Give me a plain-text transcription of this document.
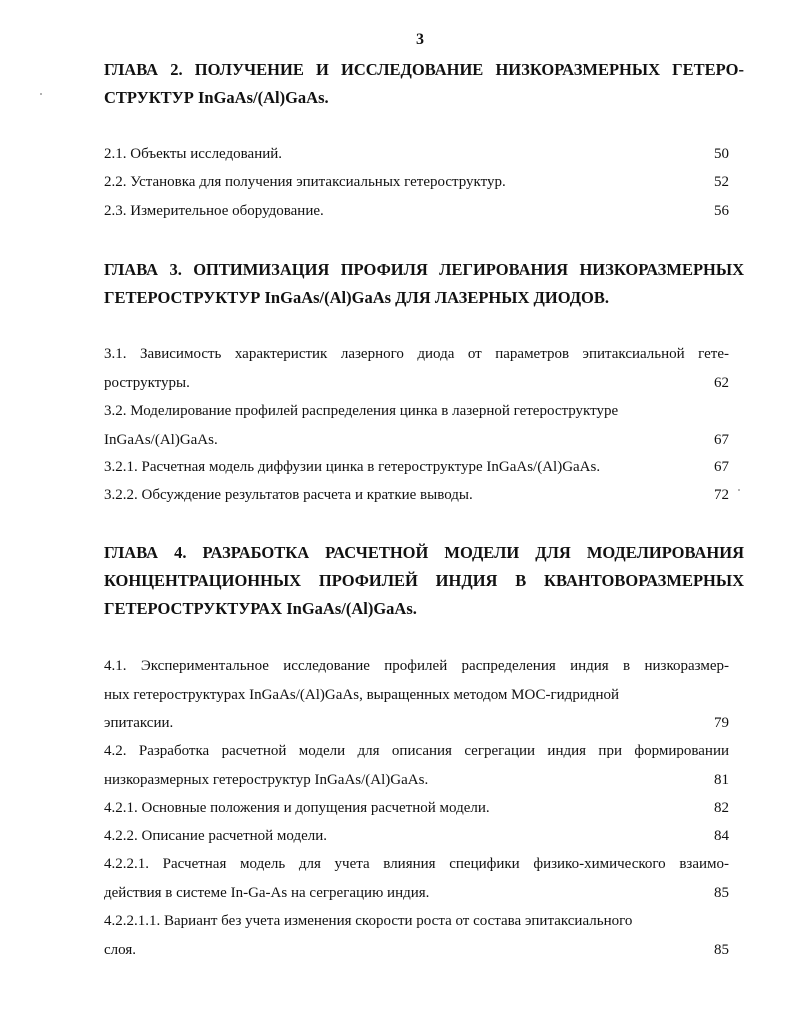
3
ГЛАВА 2. ПОЛУЧЕНИЕ И ИССЛЕДОВАНИЕ НИЗКОРАЗМЕРНЫХ ГЕТЕРО-СТРУКТУР InGaAs/(Al)GaAs.
2.1. Объекты исследований.	50
2.2. Установка для получения эпитаксиальных гетероструктур.	52
2.3. Измерительное оборудование.	56
ГЛАВА 3. ОПТИМИЗАЦИЯ ПРОФИЛЯ ЛЕГИРОВАНИЯ НИЗКОРАЗМЕРНЫХ ГЕТЕРОСТРУКТУР InGaAs/(Al)GaAs ДЛЯ ЛАЗЕРНЫХ ДИОДОВ.
3.1. Зависимость характеристик лазерного диода от параметров эпитаксиальной гете-
роструктуры.	62
3.2. Моделирование профилей распределения цинка в лазерной гетероструктуре
InGaAs/(Al)GaAs.	67
3.2.1. Расчетная модель диффузии цинка в гетероструктуре InGaAs/(Al)GaAs.	67
3.2.2. Обсуждение результатов расчета и краткие выводы.	72
ГЛАВА 4. РАЗРАБОТКА РАСЧЕТНОЙ МОДЕЛИ ДЛЯ МОДЕЛИРОВАНИЯ КОНЦЕНТРАЦИОННЫХ ПРОФИЛЕЙ ИНДИЯ В КВАНТОВОРАЗМЕРНЫХ ГЕТЕРОСТРУКТУРАХ InGaAs/(Al)GaAs.
4.1. Экспериментальное исследование профилей распределения индия в низкоразмер-
ных гетероструктурах InGaAs/(Al)GaAs, выращенных методом МОС-гидридной
эпитаксии.	79
4.2. Разработка расчетной модели для описания сегрегации индия при формировании
низкоразмерных гетероструктур InGaAs/(Al)GaAs.	81
4.2.1. Основные положения и допущения расчетной модели.	82
4.2.2. Описание расчетной модели.	84
4.2.2.1. Расчетная модель для учета влияния специфики физико-химического взаимо-
действия в системе In-Ga-As на сегрегацию индия.	85
4.2.2.1.1. Вариант без учета изменения скорости роста от состава эпитаксиального
слоя.	85
